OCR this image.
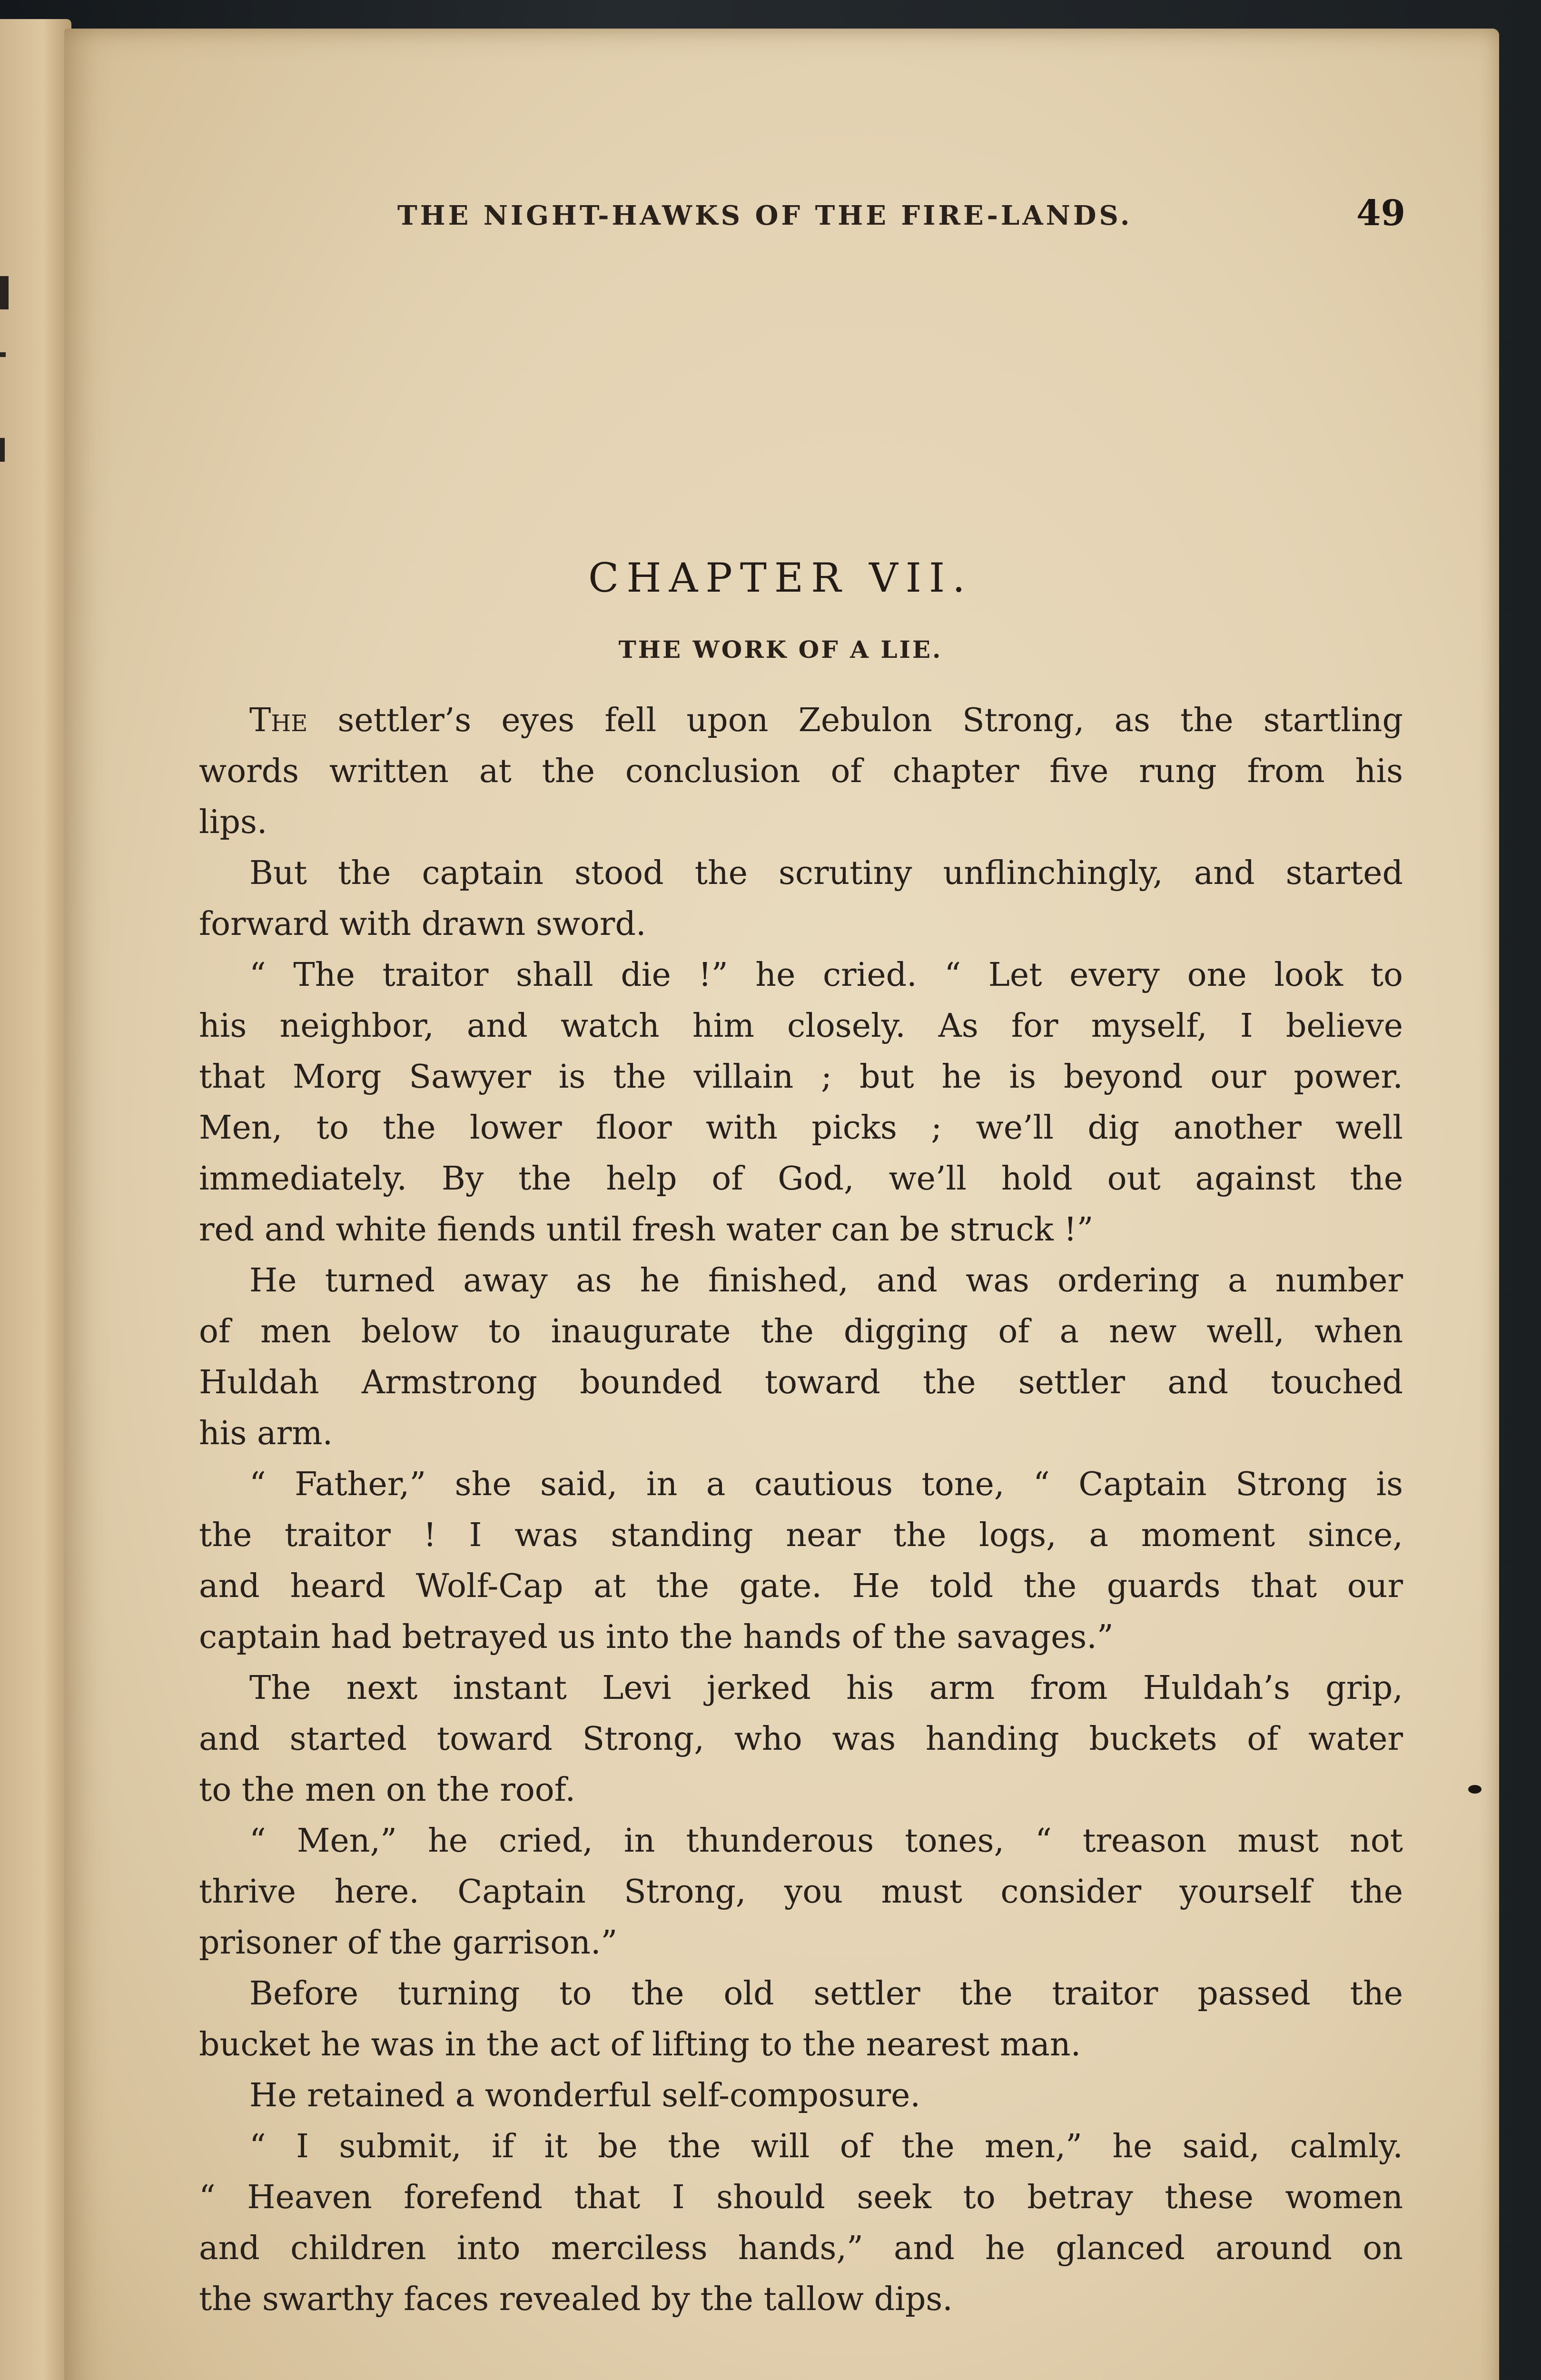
THE NIGHT-HAWKS OF THE FIRE-LANDS.	49
CHAPTER VII.
THE WORK OF A LIE.
The settler’s eyes fell upon Zebulon Strong, as the startling
words written at the conclusion of chapter five rung from his
lips.
But the captain stood the scrutiny unflinchingly, and started
forward with drawn sword.
“ The traitor shall die !” he cried. “ Let every one look to
his neighbor, and watch him closely. As for myself, I believe
that Morg Sawyer is the villain ; but he is beyond our power.
Men, to the lower floor with picks ; we’ll dig another well
immediately. By the help of God, we’ll hold out against the
red and white fiends until fresh water can be struck !”
He turned away as he finished, and was ordering a number
of men below to inaugurate the digging of a new well, when
Huldah Armstrong bounded toward the settler and touched
his arm.
“ Father,” she said, in a cautious tone, “ Captain Strong is
the traitor ! I was standing near the logs, a moment since,
and heard Wolf-Cap at the gate. He told the guards that our
captain had betrayed us into the hands of the savages.”
The next instant Levi jerked his arm from Huldah’s grip,
and started toward Strong, who was handing buckets of water
to the men on the roof.
“ Men,” he cried, in thunderous tones, “ treason must not
thrive here. Captain Strong, you must consider yourself the
prisoner of the garrison.”
Before turning to the old settler the traitor passed the
bucket he was in the act of lifting to the nearest man.
He retained a wonderful self-composure.
“ I submit, if it be the will of the men,” he said, calmly.
“ Heaven forefend that I should seek to betray these women
and children into merciless hands,” and he glanced around on
the swarthy faces revealed by the tallow dips.
